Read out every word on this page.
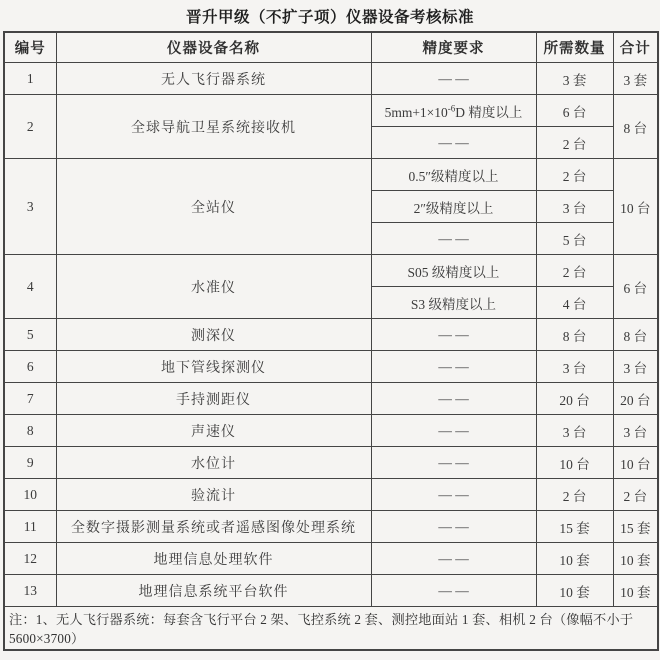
晋升甲级（不扩子项）仪器设备考核标准
编号	仪器设备名称	精度要求	所需数量	合计
1	无人飞行器系统	— —	3 套	3 套
2	全球导航卫星系统接收机	$5mm+1\times 10^{-6}D$ 精度以上	6 台	8 台
		— —	2 台	
3	全站仪	0.5″级精度以上	2 台	10 台
		2″级精度以上	3 台	
		— —	5 台	
4	水准仪	S05 级精度以上	2 台	6 台
		S3 级精度以上	4 台	
5	测深仪	— —	8 台	8 台
6	地下管线探测仪	— —	3 台	3 台
7	手持测距仪	— —	20 台	20 台
8	声速仪	— —	3 台	3 台
9	水位计	— —	10 台	10 台
10	验流计	— —	2 台	2 台
11	全数字摄影测量系统或者遥感图像处理系统	— —	15 套	15 套
12	地理信息处理软件	— —	10 套	10 套
13	地理信息系统平台软件	— —	10 套	10 套
注：1、无人飞行器系统：每套含飞行平台 2 架、飞控系统 2 套、测控地面站 1 套、相机 2 台（像幅不小于 5600×3700）				
